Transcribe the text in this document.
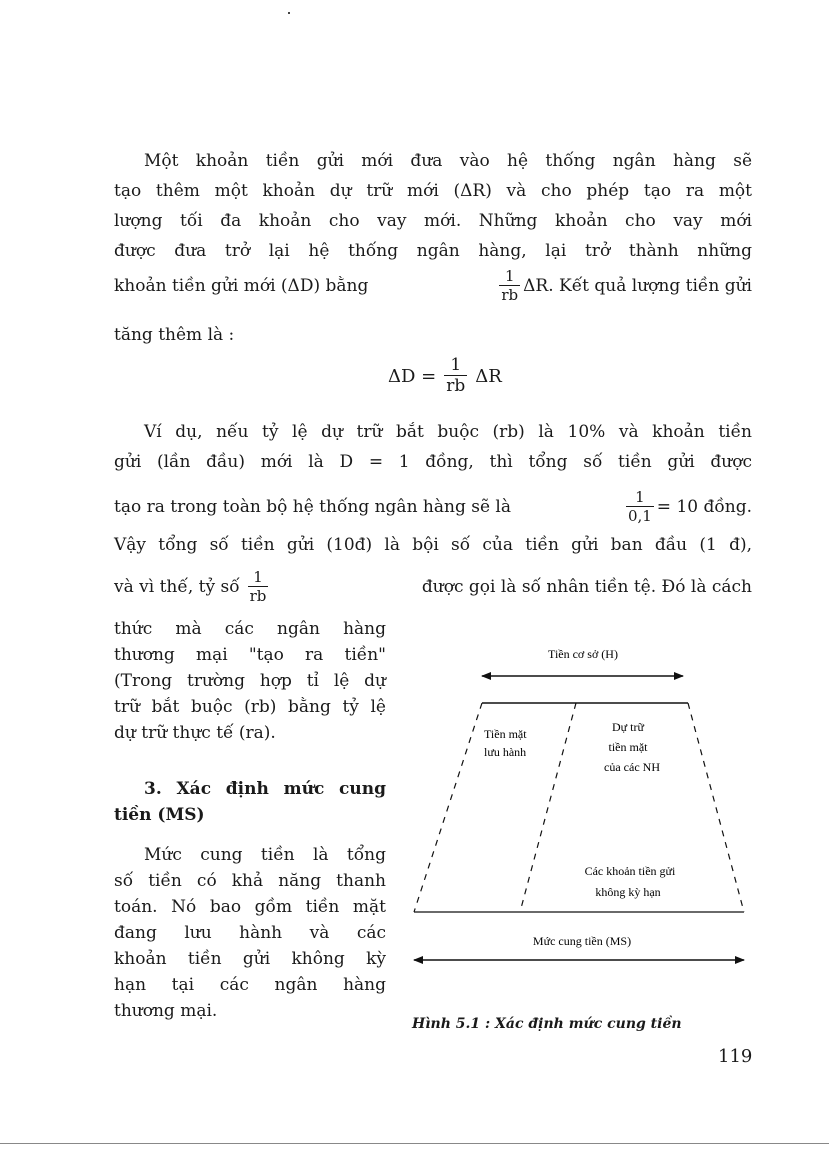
Một khoản tiền gửi mới đưa vào hệ thống ngân hàng sẽ
tạo thêm một khoản dự trữ mới (ΔR) và cho phép tạo ra một
lượng tối đa khoản cho vay mới. Những khoản cho vay mới
được đưa trở lại hệ thống ngân hàng, lại trở thành những
khoản tiền gửi mới (ΔD) bằng	$\frac{1}{rb} \Delta R$. Kết quả lượng tiền gửi
tăng thêm là :
$\Delta D = \frac{1}{rb}$ ΔR
Ví dụ, nếu tỷ lệ dự trữ bắt buộc (rb) là 10% và khoản tiền
gửi (lần đầu) mới là D = 1 đồng, thì tổng số tiền gửi được
tạo ra trong toàn bộ hệ thống ngân hàng sẽ là	$\frac{1}{0,1} = 10$ đồng.
Vậy tổng số tiền gửi (10đ) là bội số của tiền gửi ban đầu (1 đ),
và vì thế, tỷ số $\frac{1}{rb}$	được gọi là số nhân tiền tệ. Đó là cách
thức mà các ngân hàng
thương mại "tạo ra tiền"
(Trong trường hợp tỉ lệ dự
trữ bắt buộc (rb) bằng tỷ lệ
dự trữ thực tế (ra).
3. Xác định mức cung
tiền (MS)
Mức cung tiền là tổng
số tiền có khả năng thanh
toán. Nó bao gồm tiền mặt
đang lưu hành và các
khoản tiền gửi không kỳ
hạn tại các ngân hàng
thương mại.
Tiền cơ sở (H)
Tiền mặt
lưu hành
Dự trữ
tiền mặt
của các NH
Các khoản tiền gửi
không kỳ hạn
Mức cung tiền (MS)
Hình 5.1 : Xác định mức cung tiền
119
